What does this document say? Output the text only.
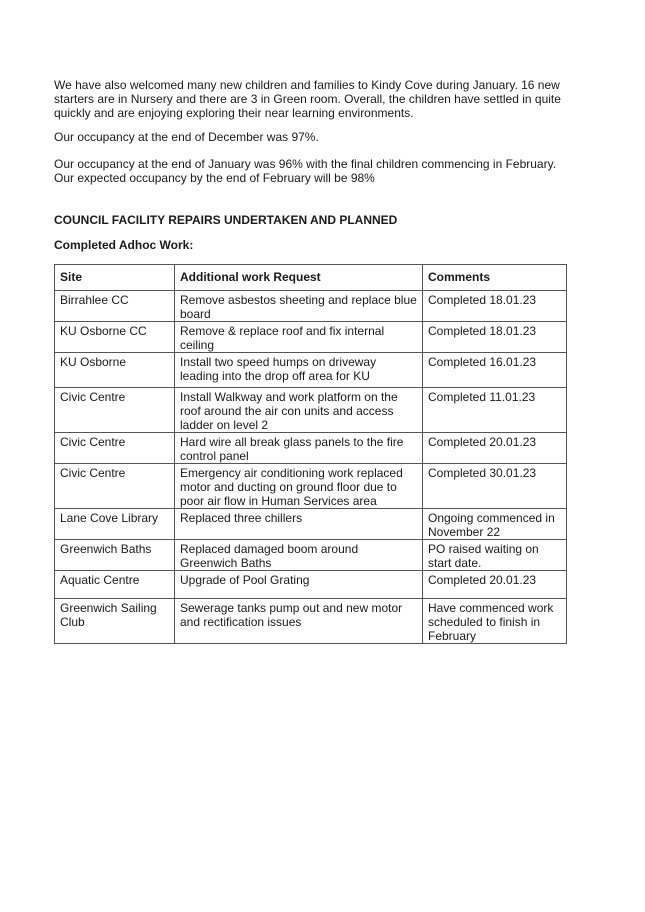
We have also welcomed many new children and families to Kindy Cove during January. 16 new starters are in Nursery and there are 3 in Green room. Overall, the children have settled in quite quickly and are enjoying exploring their near learning environments.

Our occupancy at the end of December was 97%.

Our occupancy at the end of January was 96% with the final children commencing in February. Our expected occupancy by the end of February will be 98%

COUNCIL FACILITY REPAIRS UNDERTAKEN AND PLANNED

Completed Adhoc Work:

Site	Additional work Request	Comments
Birrahlee CC	Remove asbestos sheeting and replace blue board	Completed 18.01.23
KU Osborne CC	Remove & replace roof and fix internal ceiling	Completed 18.01.23
KU Osborne	Install two speed humps on driveway leading into the drop off area for KU	Completed 16.01.23
Civic Centre	Install Walkway and work platform on the roof around the air con units and access ladder on level 2	Completed 11.01.23
Civic Centre	Hard wire all break glass panels to the fire control panel	Completed 20.01.23
Civic Centre	Emergency air conditioning work replaced motor and ducting on ground floor due to poor air flow in Human Services area	Completed 30.01.23
Lane Cove Library	Replaced three chillers	Ongoing commenced in November 22
Greenwich Baths	Replaced damaged boom around Greenwich Baths	PO raised waiting on start date.
Aquatic Centre	Upgrade of Pool Grating	Completed 20.01.23
Greenwich Sailing Club	Sewerage tanks pump out and new motor and rectification issues	Have commenced work scheduled to finish in February
